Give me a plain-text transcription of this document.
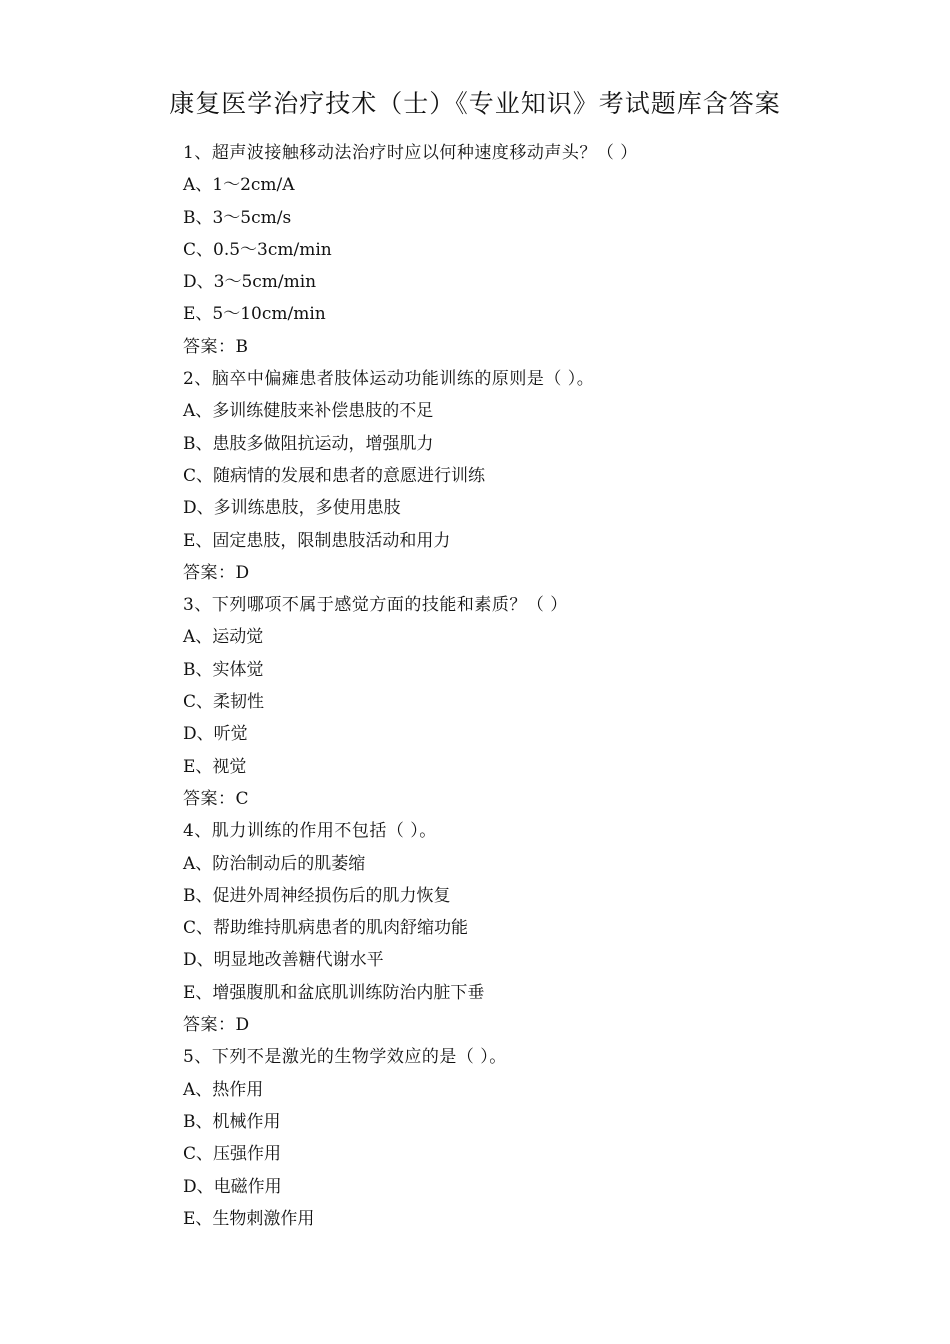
康复医学治疗技术（士）《专业知识》考试题库含答案
1、超声波接触移动法治疗时应以何种速度移动声头？（ ）
A、1～2cm/A
B、3～5cm/s
C、0.5～3cm/min
D、3～5cm/min
E、5～10cm/min
答案：B
2、脑卒中偏瘫患者肢体运动功能训练的原则是（ ）。
A、多训练健肢来补偿患肢的不足
B、患肢多做阻抗运动，增强肌力
C、随病情的发展和患者的意愿进行训练
D、多训练患肢，多使用患肢
E、固定患肢，限制患肢活动和用力
答案：D
3、下列哪项不属于感觉方面的技能和素质？（ ）
A、运动觉
B、实体觉
C、柔韧性
D、听觉
E、视觉
答案：C
4、肌力训练的作用不包括（ ）。
A、防治制动后的肌萎缩
B、促进外周神经损伤后的肌力恢复
C、帮助维持肌病患者的肌肉舒缩功能
D、明显地改善糖代谢水平
E、增强腹肌和盆底肌训练防治内脏下垂
答案：D
5、下列不是激光的生物学效应的是（ ）。
A、热作用
B、机械作用
C、压强作用
D、电磁作用
E、生物刺激作用
